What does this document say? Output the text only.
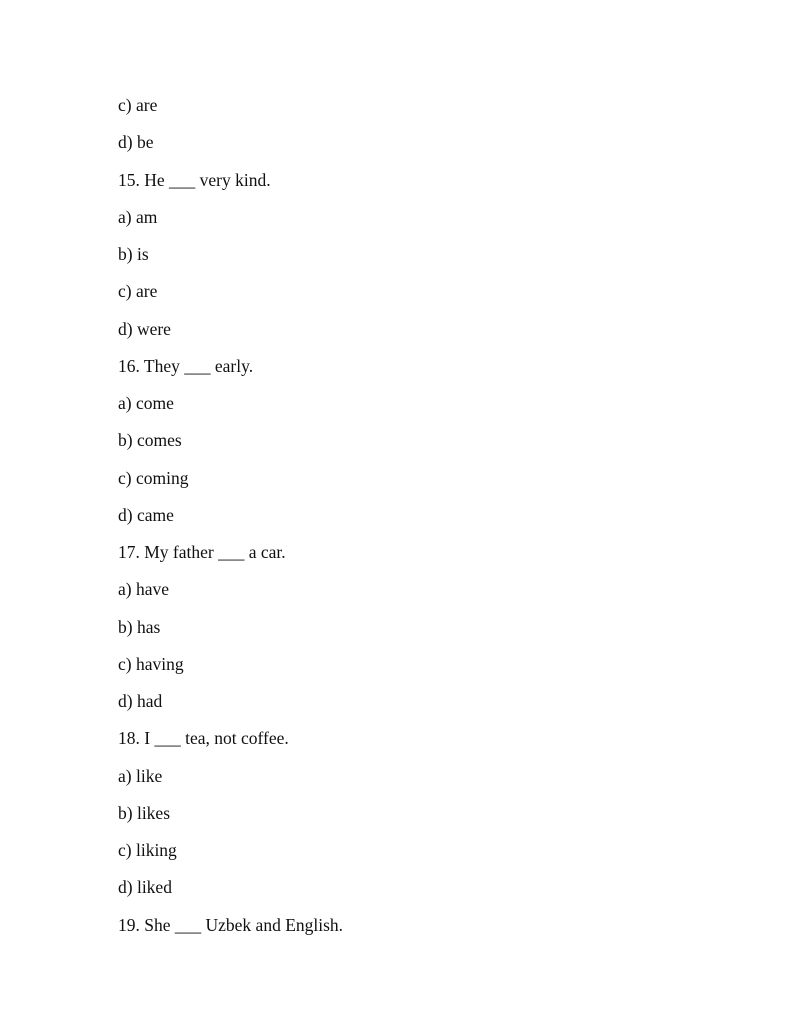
c) are
d) be
15. He ___ very kind.
a) am
b) is
c) are
d) were
16. They ___ early.
a) come
b) comes
c) coming
d) came
17. My father ___ a car.
a) have
b) has
c) having
d) had
18. I ___ tea, not coffee.
a) like
b) likes
c) liking
d) liked
19. She ___ Uzbek and English.
